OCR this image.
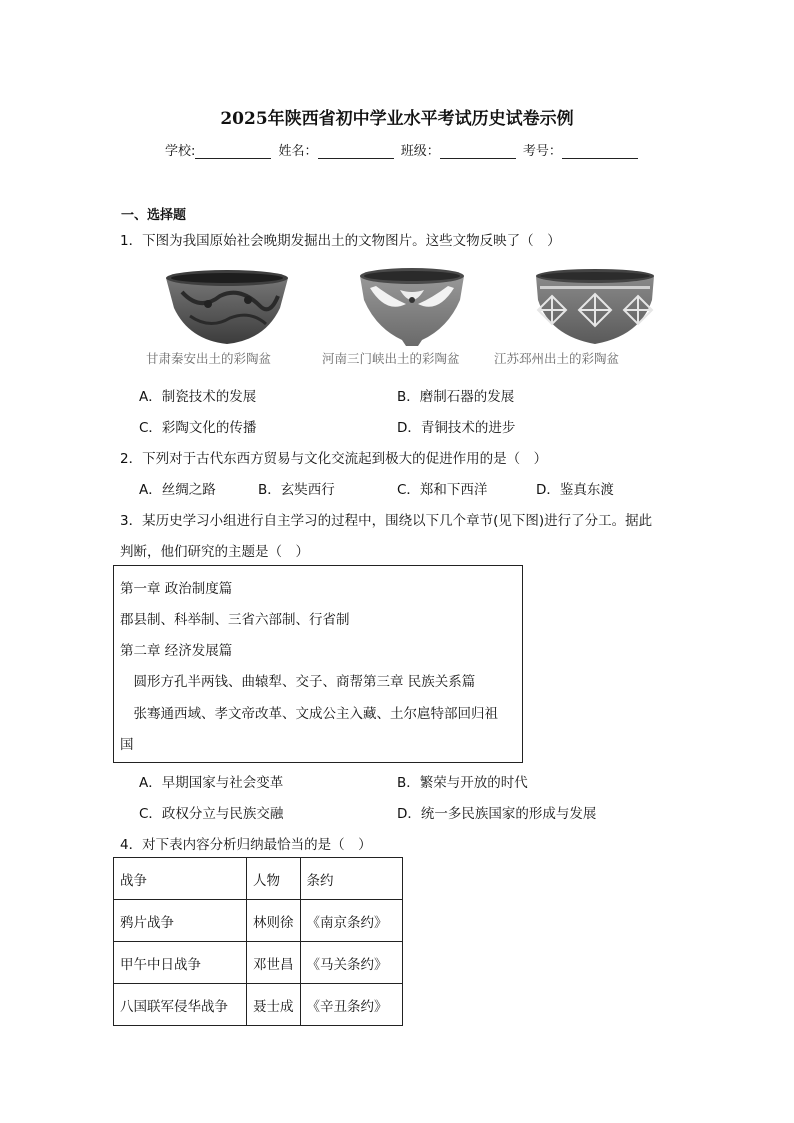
2025年陕西省初中学业水平考试历史试卷示例
学校:	姓名：	班级：	考号：
一、选择题
1．下图为我国原始社会晚期发掘出土的文物图片。这些文物反映了（　）
甘肃秦安出土的彩陶盆	河南三门峡出土的彩陶盆	江苏邳州出土的彩陶盆
A．制瓷技术的发展	B．磨制石器的发展
C．彩陶文化的传播	D．青铜技术的进步
2．下列对于古代东西方贸易与文化交流起到极大的促进作用的是（　）
A．丝绸之路	B．玄奘西行	C．郑和下西洋	D．鉴真东渡
3．某历史学习小组进行自主学习的过程中，围绕以下几个章节(见下图)进行了分工。据此
判断，他们研究的主题是（　）
第一章 政治制度篇
郡县制、科举制、三省六部制、行省制
第二章 经济发展篇
　圆形方孔半两钱、曲辕犁、交子、商帮第三章 民族关系篇
　张骞通西域、孝文帝改革、文成公主入藏、土尔扈特部回归祖
国
A．早期国家与社会变革	B．繁荣与开放的时代
C．政权分立与民族交融	D．统一多民族国家的形成与发展
4．对下表内容分析归纳最恰当的是（　）
战争	人物	条约
鸦片战争	林则徐	《南京条约》
甲午中日战争	邓世昌	《马关条约》
八国联军侵华战争	聂士成	《辛丑条约》
